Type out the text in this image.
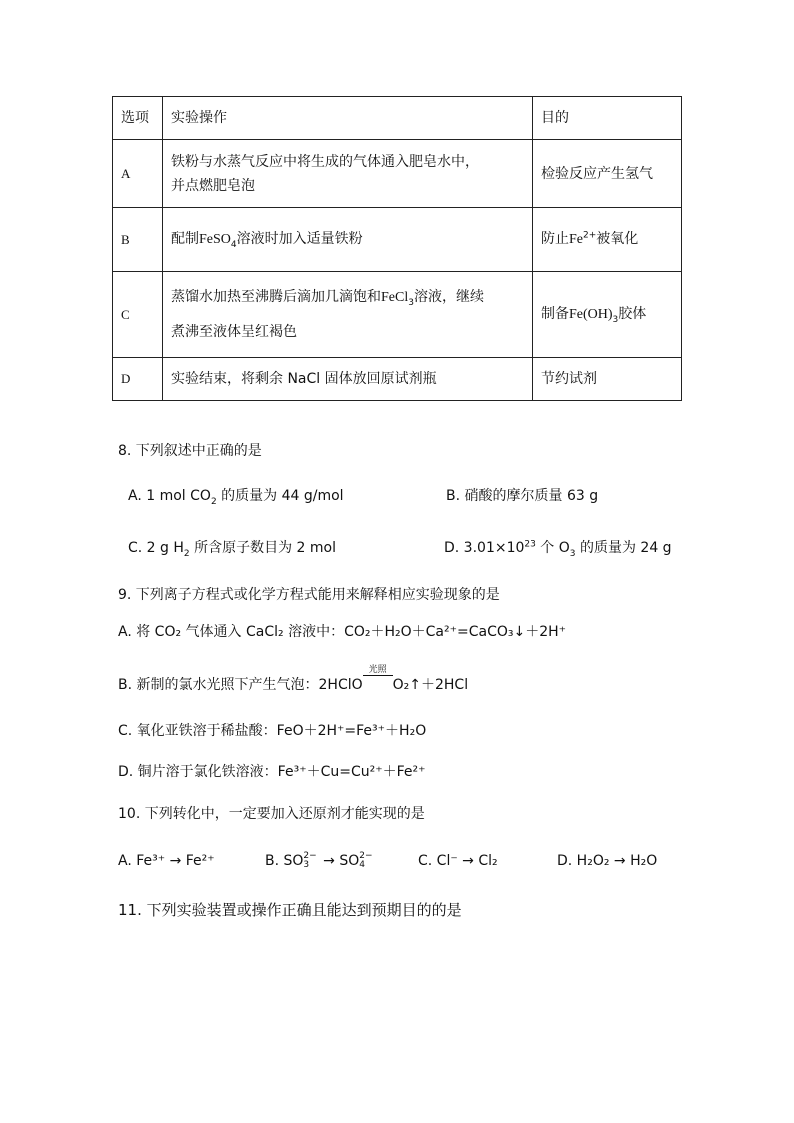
选项	实验操作	目的
A	铁粉与水蒸气反应中将生成的气体通入肥皂水中，
并点燃肥皂泡	检验反应产生氢气
B	配制FeSO$_4$溶液时加入适量铁粉	防止$Fe^{2+}$被氧化
C	蒸馏水加热至沸腾后滴加几滴饱和FeCl$_3$溶液，继续
煮沸至液体呈红褐色	制备$Fe(OH)_3$胶体
D	实验结束，将剩余 NaCl 固体放回原试剂瓶	节约试剂
8. 下列叙述中正确的是
A. 1 mol $CO_2$ 的质量为 44 g/mol	B. 硝酸的摩尔质量 63 g
C. 2 g $H_2$ 所含原子数目为 2 mol	D. $3.01\times 10^{23}$ 个 $O_3$ 的质量为 24 g
9. 下列离子方程式或化学方程式能用来解释相应实验现象的是
A. 将 CO₂ 气体通入 CaCl₂ 溶液中：CO₂＋H₂O＋Ca²⁺=CaCO₃↓＋2H⁺
B. 新制的氯水光照下产生气泡：2HClO
光照
O₂↑＋2HCl
C. 氧化亚铁溶于稀盐酸：FeO＋2H⁺=Fe³⁺＋H₂O
D. 铜片溶于氯化铁溶液：Fe³⁺＋Cu=Cu²⁺＋Fe²⁺
10. 下列转化中，一定要加入还原剂才能实现的是
A. Fe³⁺ → Fe²⁺	B. SO 2−
3 → SO 2−
4	C. Cl⁻ → Cl₂	D. H₂O₂ → H₂O
11. 下列实验装置或操作正确且能达到预期目的的是
